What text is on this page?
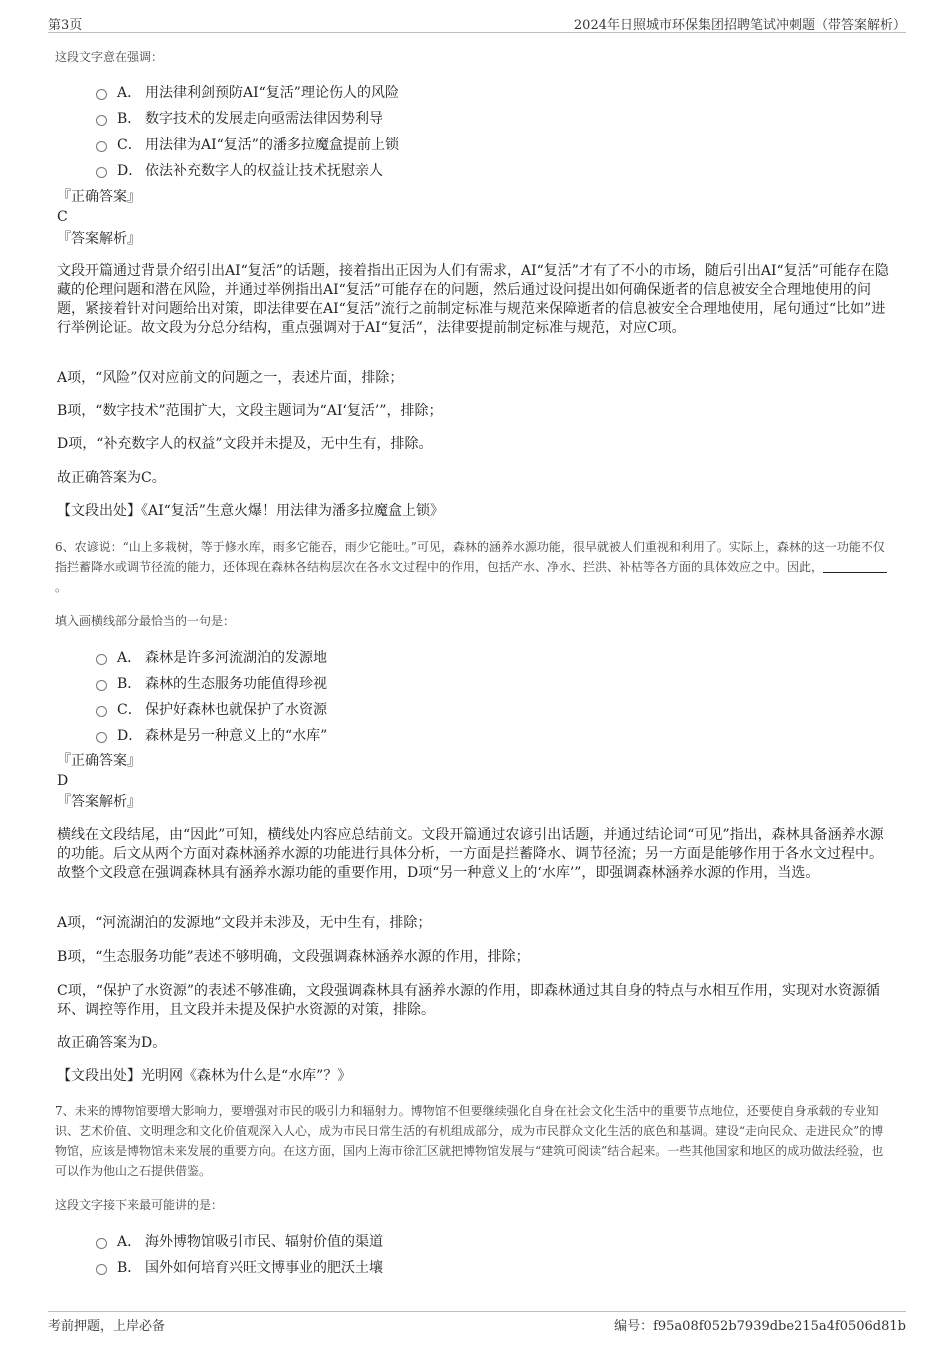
第3页	2024年日照城市环保集团招聘笔试冲刺题（带答案解析）
这段文字意在强调：
A． 用法律利剑预防AI“复活”理论伤人的风险
B． 数字技术的发展走向亟需法律因势利导
C． 用法律为AI“复活”的潘多拉魔盒提前上锁
D． 依法补充数字人的权益让技术抚慰亲人
『正确答案』
C
『答案解析』
文段开篇通过背景介绍引出AI“复活”的话题，接着指出正因为人们有需求，AI“复活”才有了不小的市场，随后引出AI“复活”可能存在隐藏的伦理问题和潜在风险，并通过举例指出AI“复活”可能存在的问题，然后通过设问提出如何确保逝者的信息被安全合理地使用的问题，紧接着针对问题给出对策，即法律要在AI“复活”流行之前制定标准与规范来保障逝者的信息被安全合理地使用，尾句通过“比如”进行举例论证。故文段为分总分结构，重点强调对于AI“复活”，法律要提前制定标准与规范，对应C项。
A项，“风险”仅对应前文的问题之一，表述片面，排除；
B项，“数字技术”范围扩大，文段主题词为“AI‘复活’”，排除；
D项，“补充数字人的权益”文段并未提及，无中生有，排除。
故正确答案为C。
【文段出处】《AI“复活”生意火爆！用法律为潘多拉魔盒上锁》
6、农谚说：“山上多栽树，等于修水库，雨多它能吞，雨少它能吐。”可见，森林的涵养水源功能，很早就被人们重视和利用了。实际上，森林的这一功能不仅指拦蓄降水或调节径流的能力，还体现在森林各结构层次在各水文过程中的作用，包括产水、净水、拦洪、补枯等各方面的具体效应之中。因此，。
填入画横线部分最恰当的一句是：
A． 森林是许多河流湖泊的发源地
B． 森林的生态服务功能值得珍视
C． 保护好森林也就保护了水资源
D． 森林是另一种意义上的“水库”
『正确答案』
D
『答案解析』
横线在文段结尾，由“因此”可知，横线处内容应总结前文。文段开篇通过农谚引出话题，并通过结论词“可见”指出，森林具备涵养水源的功能。后文从两个方面对森林涵养水源的功能进行具体分析，一方面是拦蓄降水、调节径流；另一方面是能够作用于各水文过程中。故整个文段意在强调森林具有涵养水源功能的重要作用，D项“另一种意义上的‘水库’”，即强调森林涵养水源的作用，当选。
A项，“河流湖泊的发源地”文段并未涉及，无中生有，排除；
B项，“生态服务功能”表述不够明确，文段强调森林涵养水源的作用，排除；
C项，“保护了水资源”的表述不够准确，文段强调森林具有涵养水源的作用，即森林通过其自身的特点与水相互作用，实现对水资源循环、调控等作用，且文段并未提及保护水资源的对策，排除。
故正确答案为D。
【文段出处】光明网《森林为什么是“水库”？》
7、未来的博物馆要增大影响力，要增强对市民的吸引力和辐射力。博物馆不但要继续强化自身在社会文化生活中的重要节点地位，还要使自身承载的专业知识、艺术价值、文明理念和文化价值观深入人心，成为市民日常生活的有机组成部分，成为市民群众文化生活的底色和基调。建设“走向民众、走进民众”的博物馆，应该是博物馆未来发展的重要方向。在这方面，国内上海市徐汇区就把博物馆发展与“建筑可阅读”结合起来。一些其他国家和地区的成功做法经验，也可以作为他山之石提供借鉴。
这段文字接下来最可能讲的是：
A． 海外博物馆吸引市民、辐射价值的渠道
B． 国外如何培育兴旺文博事业的肥沃土壤
考前押题，上岸必备	编号：f95a08f052b7939dbe215a4f0506d81b
